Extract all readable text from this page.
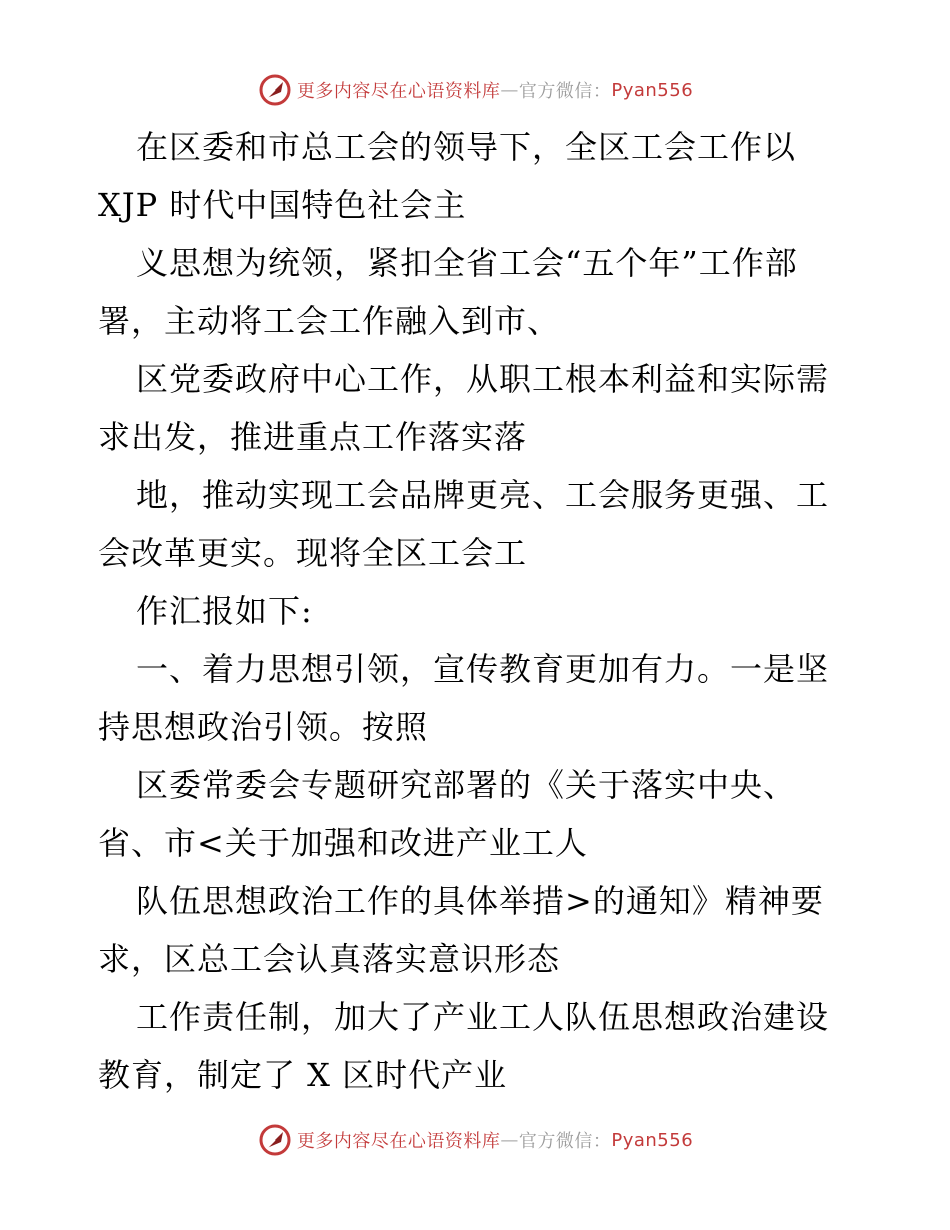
更多内容尽在心语资料库 — 官方微信： Pyan556
在区委和市总工会的领导下，全区工会工作以
XJP 时代中国特色社会主
义思想为统领，紧扣全省工会“五个年”工作部
署，主动将工会工作融入到市、
区党委政府中心工作，从职工根本利益和实际需
求出发，推进重点工作落实落
地，推动实现工会品牌更亮、工会服务更强、工
会改革更实。现将全区工会工
作汇报如下:
一、着力思想引领，宣传教育更加有力。一是坚
持思想政治引领。按照
区委常委会专题研究部署的《关于落实中央、
省、市<关于加强和改进产业工人
队伍思想政治工作的具体举措>的通知》精神要
求，区总工会认真落实意识形态
工作责任制，加大了产业工人队伍思想政治建设
教育，制定了 X 区时代产业
更多内容尽在心语资料库 — 官方微信： Pyan556
